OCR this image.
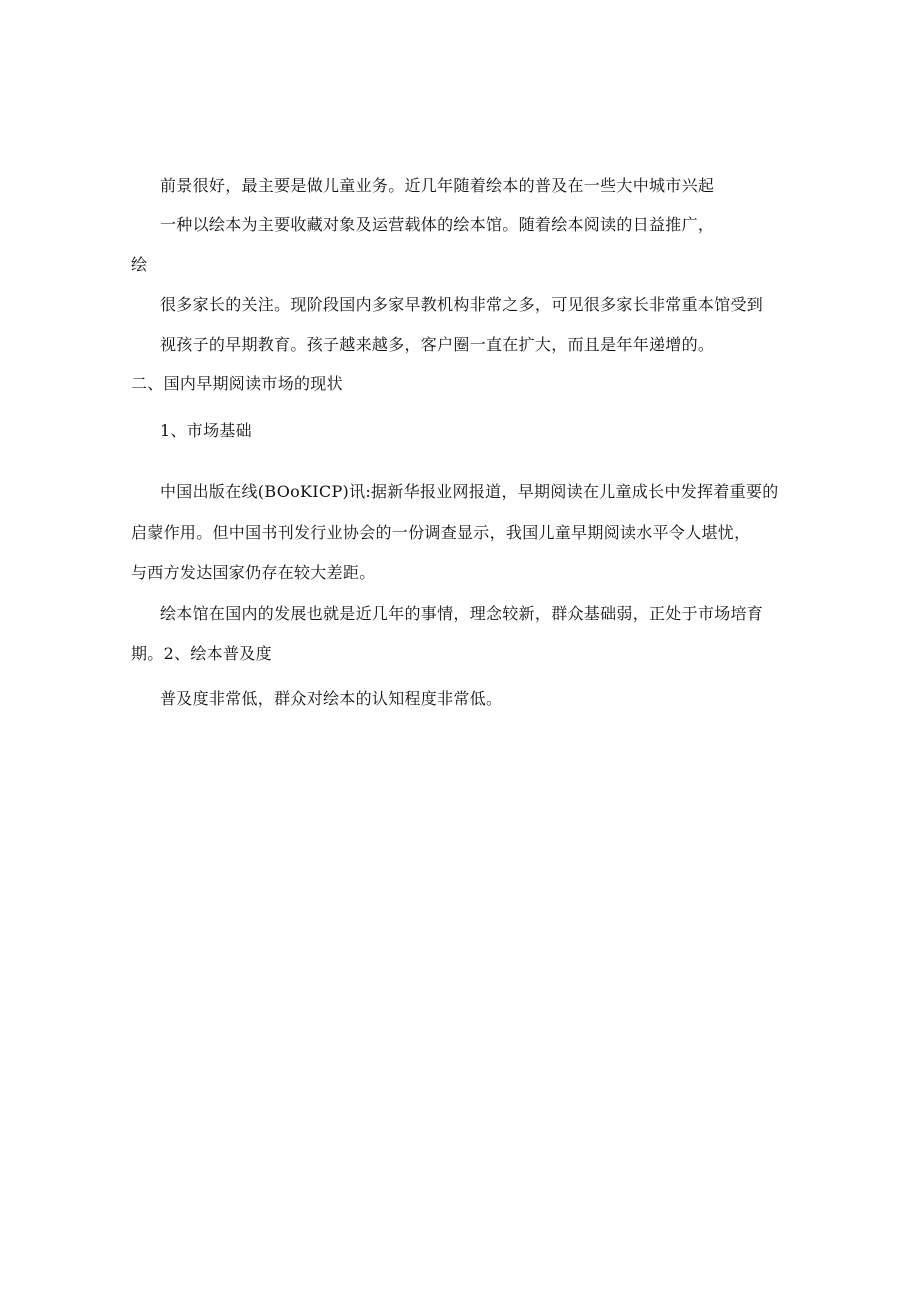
前景很好，最主要是做儿童业务。近几年随着绘本的普及在一些大中城市兴起
一种以绘本为主要收藏对象及运营载体的绘本馆。随着绘本阅读的日益推广，
绘
很多家长的关注。现阶段国内多家早教机构非常之多，可见很多家长非常重本馆受到
视孩子的早期教育。孩子越来越多，客户圈一直在扩大，而且是年年递增的。
二、国内早期阅读市场的现状
1、市场基础
中国出版在线(BOoKICP)讯:据新华报业网报道，早期阅读在儿童成长中发挥着重要的
启蒙作用。但中国书刊发行业协会的一份调查显示，我国儿童早期阅读水平令人堪忧，
与西方发达国家仍存在较大差距。
绘本馆在国内的发展也就是近几年的事情，理念较新，群众基础弱，正处于市场培育
期。2、绘本普及度
普及度非常低，群众对绘本的认知程度非常低。
